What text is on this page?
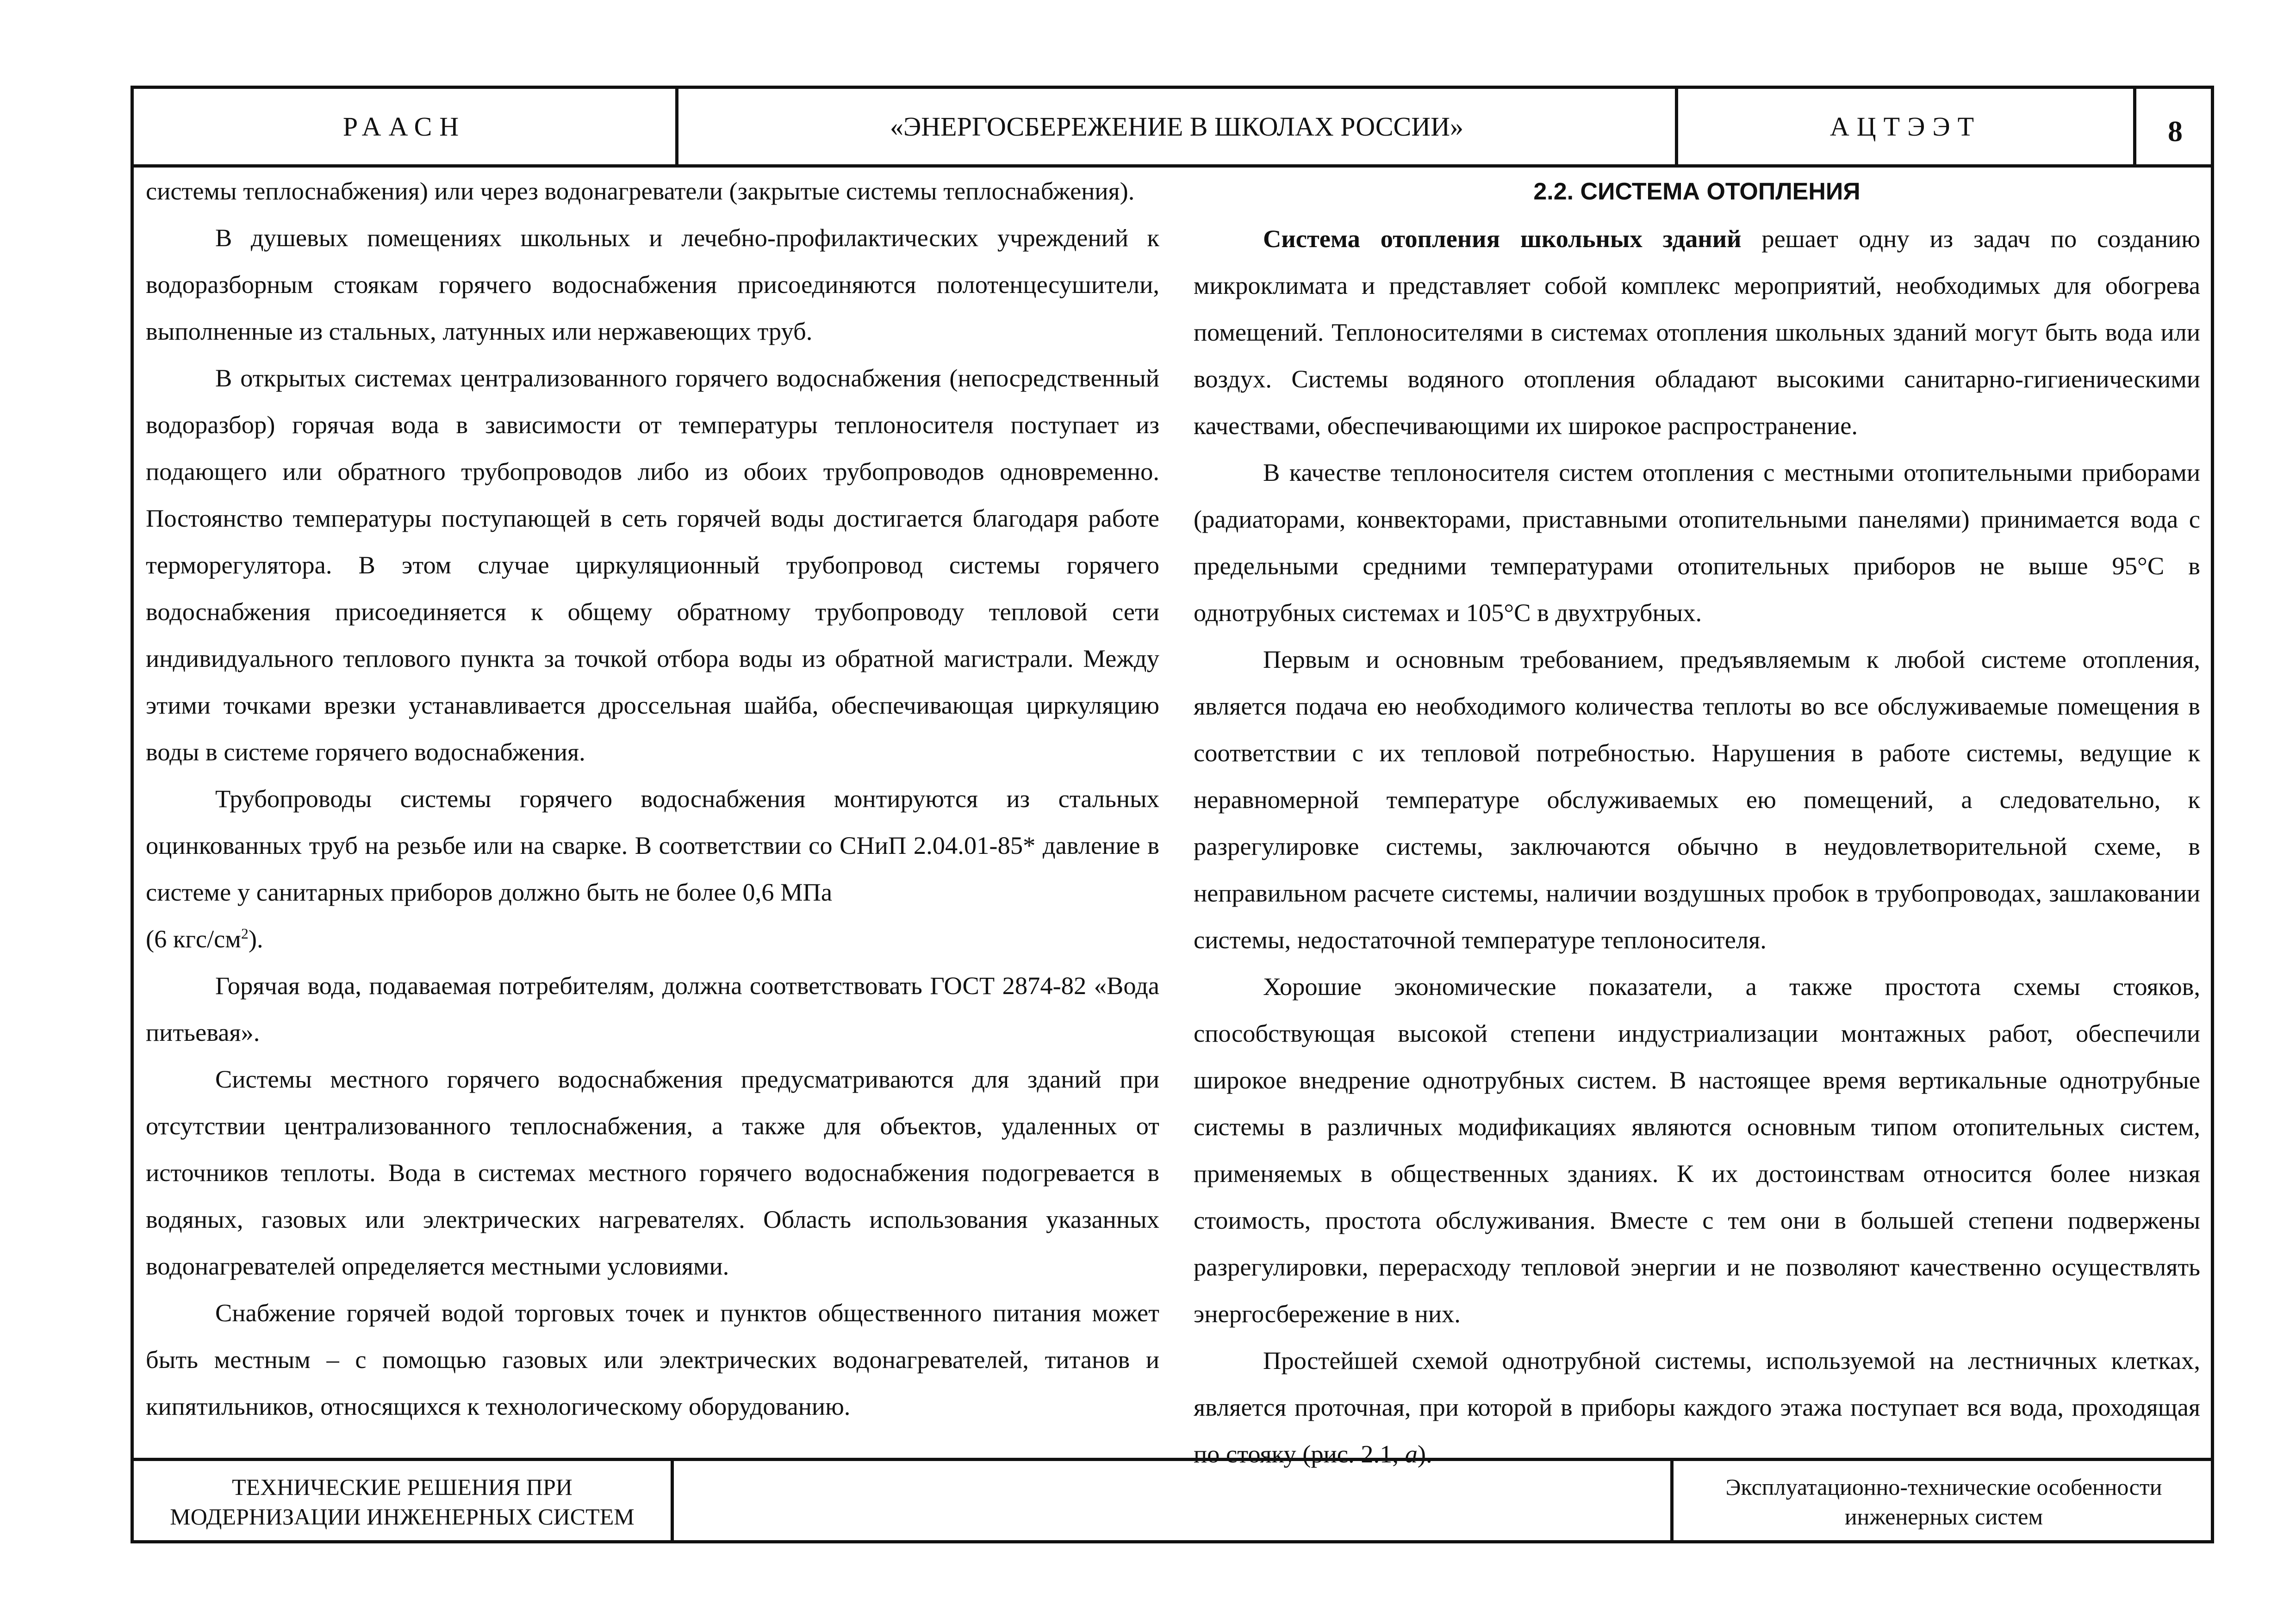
РААСН	«ЭНЕРГОСБЕРЕЖЕНИЕ В ШКОЛАХ РОССИИ»	АЦТЭЭТ	8

системы теплоснабжения) или через водонагреватели (закрытые системы теплоснабжения).

В душевых помещениях школьных и лечебно-профилактических учреждений к водоразборным стоякам горячего водоснабжения присоединяются полотенцесушители, выполненные из стальных, латунных или нержавеющих труб.

В открытых системах централизованного горячего водоснабжения (непосредственный водоразбор) горячая вода в зависимости от температуры теплоносителя поступает из подающего или обратного трубопроводов либо из обоих трубопроводов одновременно. Постоянство температуры поступающей в сеть горячей воды достигается благодаря работе терморегулятора. В этом случае циркуляционный трубопровод системы горячего водоснабжения присоединяется к общему обратному трубопроводу тепловой сети индивидуального теплового пункта за точкой отбора воды из обратной магистрали. Между этими точками врезки устанавливается дроссельная шайба, обеспечивающая циркуляцию воды в системе горячего водоснабжения.

Трубопроводы системы горячего водоснабжения монтируются из стальных оцинкованных труб на резьбе или на сварке. В соответствии со СНиП 2.04.01-85* давление в системе у санитарных приборов должно быть не более 0,6 МПа
(6 кгс/$см^2$).

Горячая вода, подаваемая потребителям, должна соответствовать ГОСТ 2874-82 «Вода питьевая».

Системы местного горячего водоснабжения предусматриваются для зданий при отсутствии централизованного теплоснабжения, а также для объектов, удаленных от источников теплоты. Вода в системах местного горячего водоснабжения подогревается в водяных, газовых или электрических нагревателях. Область использования указанных водонагревателей определяется местными условиями.

Снабжение горячей водой торговых точек и пунктов общественного питания может быть местным – с помощью газовых или электрических водонагревателей, титанов и кипятильников, относящихся к технологическому оборудованию.

2.2. СИСТЕМА ОТОПЛЕНИЯ

Система отопления школьных зданий решает одну из задач по созданию микроклимата и представляет собой комплекс мероприятий, необходимых для обогрева помещений. Теплоносителями в системах отопления школьных зданий могут быть вода или воздух. Системы водяного отопления обладают высокими санитарно-гигиеническими качествами, обеспечивающими их широкое распространение.

В качестве теплоносителя систем отопления с местными отопительными приборами (радиаторами, конвекторами, приставными отопительными панелями) принимается вода с предельными средними температурами отопительных приборов не выше 95°С в однотрубных системах и 105°С в двухтрубных.

Первым и основным требованием, предъявляемым к любой системе отопления, является подача ею необходимого количества теплоты во все обслуживаемые помещения в соответствии с их тепловой потребностью. Нарушения в работе системы, ведущие к неравномерной температуре обслуживаемых ею помещений, а следовательно, к разрегулировке системы, заключаются обычно в неудовлетворительной схеме, в неправильном расчете системы, наличии воздушных пробок в трубопроводах, зашлаковании системы, недостаточной температуре теплоносителя.

Хорошие экономические показатели, а также простота схемы стояков, способствующая высокой степени индустриализации монтажных работ, обеспечили широкое внедрение однотрубных систем. В настоящее время вертикальные однотрубные системы в различных модификациях являются основным типом отопительных систем, применяемых в общественных зданиях. К их достоинствам относится более низкая стоимость, простота обслуживания. Вместе с тем они в большей степени подвержены разрегулировки, перерасходу тепловой энергии и не позволяют качественно осуществлять энергосбережение в них.

Простейшей схемой однотрубной системы, используемой на лестничных клетках, является проточная, при которой в приборы каждого этажа поступает вся вода, проходящая по стояку (рис. 2.1, а).

ТЕХНИЧЕСКИЕ РЕШЕНИЯ ПРИ
МОДЕРНИЗАЦИИ ИНЖЕНЕРНЫХ СИСТЕМ
Эксплуатационно-технические особенности
инженерных систем
